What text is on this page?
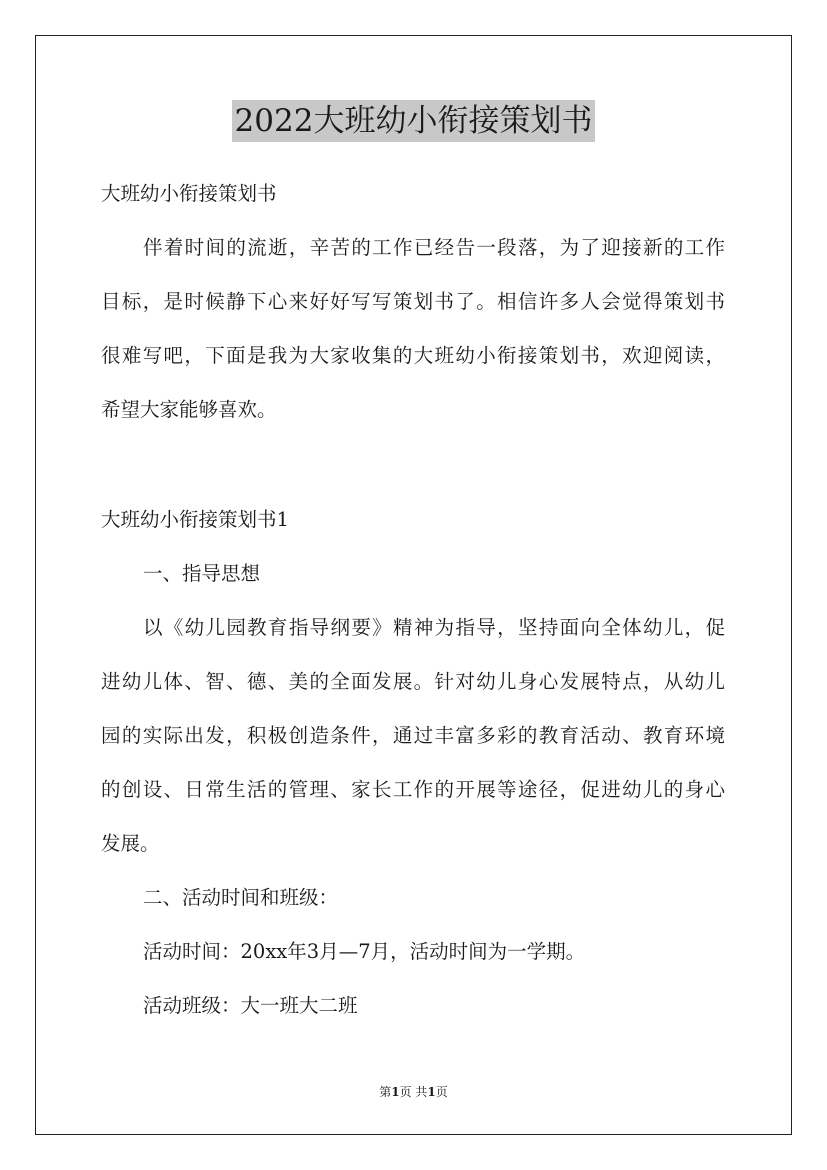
2022大班幼小衔接策划书
大班幼小衔接策划书
伴着时间的流逝，辛苦的工作已经告一段落，为了迎接新的工作
目标，是时候静下心来好好写写策划书了。相信许多人会觉得策划书
很难写吧，下面是我为大家收集的大班幼小衔接策划书，欢迎阅读，
希望大家能够喜欢。
大班幼小衔接策划书1
一、指导思想
以《幼儿园教育指导纲要》精神为指导，坚持面向全体幼儿，促
进幼儿体、智、德、美的全面发展。针对幼儿身心发展特点，从幼儿
园的实际出发，积极创造条件，通过丰富多彩的教育活动、教育环境
的创设、日常生活的管理、家长工作的开展等途径，促进幼儿的身心
发展。
二、活动时间和班级：
活动时间：20xx年3月—7月，活动时间为一学期。
活动班级：大一班大二班
第1页 共1页
